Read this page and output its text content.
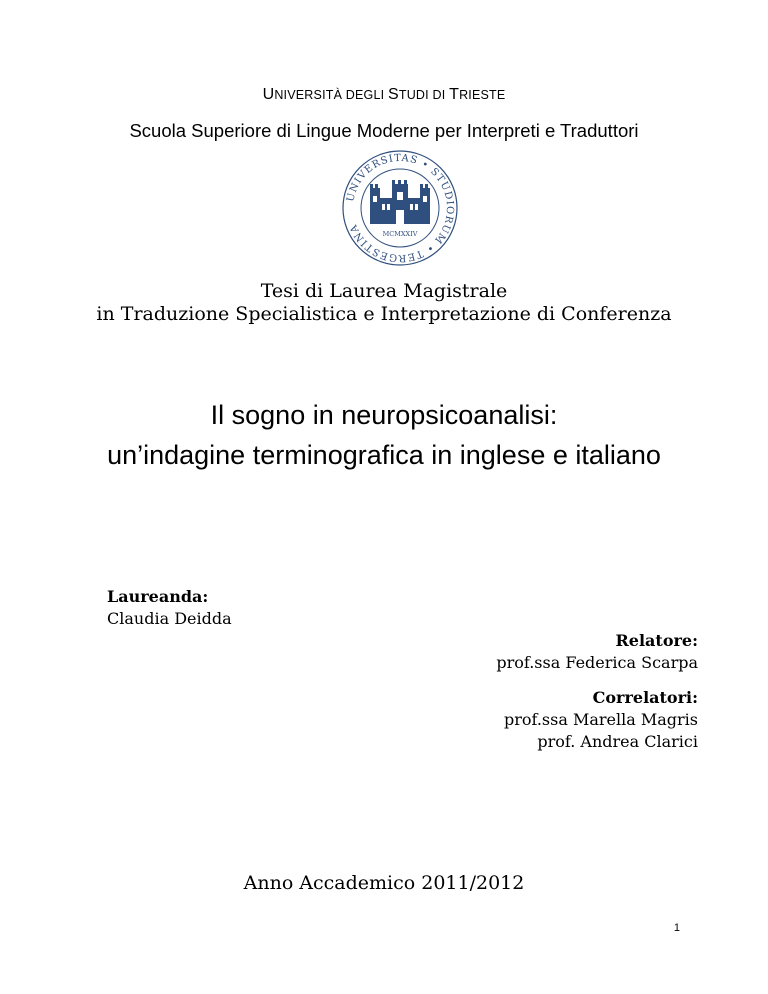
UNIVERSITÀ DEGLI STUDI DI TRIESTE
Scuola Superiore di Lingue Moderne per Interpreti e Traduttori
UNIVERSITAS • STUDIORUM • TERGESTINA	MCMXXIV
Tesi di Laurea Magistrale
in Traduzione Specialistica e Interpretazione di Conferenza
Il sogno in neuropsicoanalisi:
un’indagine terminografica in inglese e italiano
Laureanda:
Claudia Deidda
Relatore:
prof.ssa Federica Scarpa
Correlatori:
prof.ssa Marella Magris
prof. Andrea Clarici
Anno Accademico 2011/2012
1
